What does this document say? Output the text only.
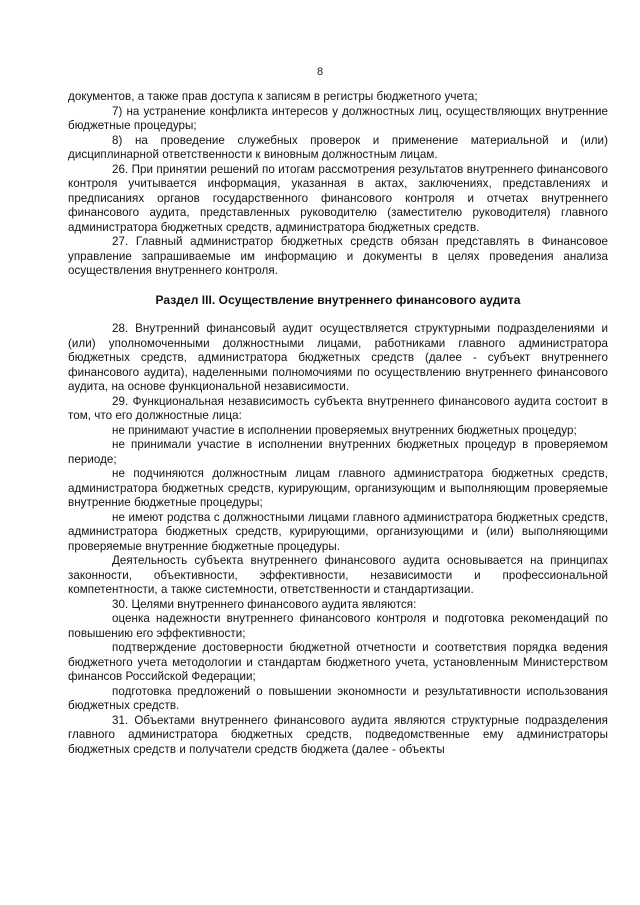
8

документов, а также прав доступа к записям в регистры бюджетного учета;

7) на устранение конфликта интересов у должностных лиц, осуществляющих внутренние бюджетные процедуры;

8) на проведение служебных проверок и применение материальной и (или) дисциплинарной ответственности к виновным должностным лицам.

26. При принятии решений по итогам рассмотрения результатов внутреннего финансового контроля учитывается информация, указанная в актах, заключениях, представлениях и предписаниях органов государственного финансового контроля и отчетах внутреннего финансового аудита, представленных руководителю (заместителю руководителя) главного администратора бюджетных средств, администратора бюджетных средств.

27. Главный администратор бюджетных средств обязан представлять в Финансовое управление запрашиваемые им информацию и документы в целях проведения анализа осуществления внутреннего контроля.

Раздел III. Осуществление внутреннего финансового аудита

28. Внутренний финансовый аудит осуществляется структурными подразделениями и (или) уполномоченными должностными лицами, работниками главного администратора бюджетных средств, администратора бюджетных средств (далее - субъект внутреннего финансового аудита), наделенными полномочиями по осуществлению внутреннего финансового аудита, на основе функциональной независимости.

29. Функциональная независимость субъекта внутреннего финансового аудита состоит в том, что его должностные лица:

не принимают участие в исполнении проверяемых внутренних бюджетных процедур;

не принимали участие в исполнении внутренних бюджетных процедур в проверяемом периоде;

не подчиняются должностным лицам главного администратора бюджетных средств, администратора бюджетных средств, курирующим, организующим и выполняющим проверяемые внутренние бюджетные процедуры;

не имеют родства с должностными лицами главного администратора бюджетных средств, администратора бюджетных средств, курирующими, организующими и (или) выполняющими проверяемые внутренние бюджетные процедуры.

Деятельность субъекта внутреннего финансового аудита основывается на принципах законности, объективности, эффективности, независимости и профессиональной компетентности, а также системности, ответственности и стандартизации.

30. Целями внутреннего финансового аудита являются:

оценка надежности внутреннего финансового контроля и подготовка рекомендаций по повышению его эффективности;

подтверждение достоверности бюджетной отчетности и соответствия порядка ведения бюджетного учета методологии и стандартам бюджетного учета, установленным Министерством финансов Российской Федерации;

подготовка предложений о повышении экономности и результативности использования бюджетных средств.

31. Объектами внутреннего финансового аудита являются структурные подразделения главного администратора бюджетных средств, подведомственные ему администраторы бюджетных средств и получатели средств бюджета (далее - объекты
